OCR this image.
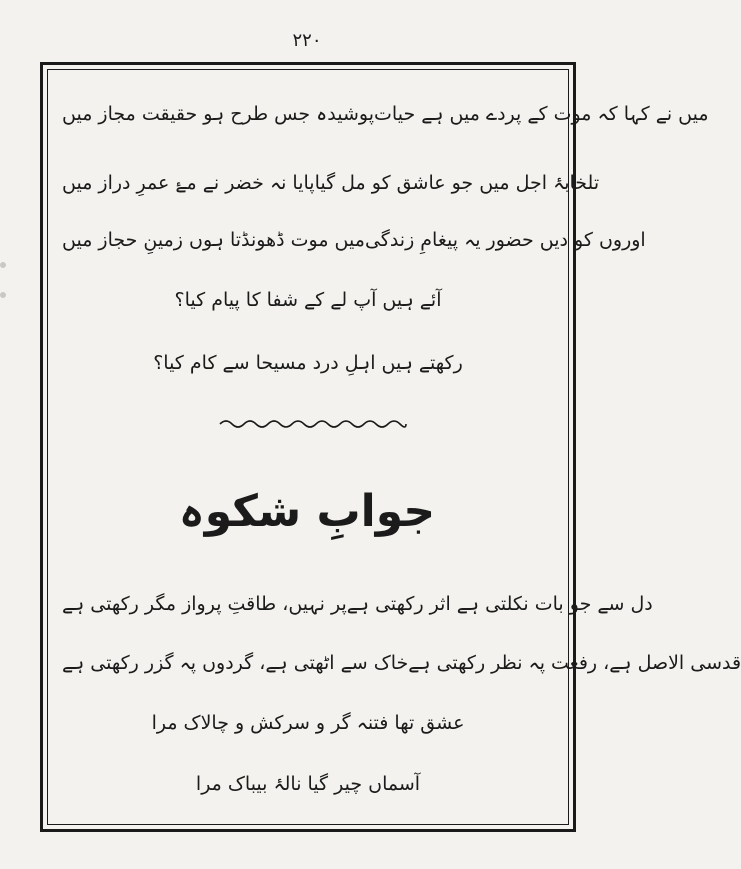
۲۲۰
پوشیدہ جس طرح ہو حقیقت مجاز میں میں نے کہا کہ موت کے پردے میں ہے حیات
پایا نہ خضر نے مۓ عمرِ دراز میں تلخابۂ اجل میں جو عاشق کو مل گیا
میں موت ڈھونڈتا ہوں زمینِ حجاز میں اوروں کو دیں حضور یہ پیغامِ زندگی
آئے ہیں آپ لے کے شفا کا پیام کیا؟
رکھتے ہیں اہلِ درد مسیحا سے کام کیا؟
جوابِ شکوہ
پر نہیں، طاقتِ پرواز مگر رکھتی ہے دل سے جو بات نکلتی ہے اثر رکھتی ہے
خاک سے اٹھتی ہے، گردوں پہ گزر رکھتی ہے قدسی الاصل ہے، رفعت پہ نظر رکھتی ہے
عشق تھا فتنہ گر و سرکش و چالاک مرا
آسماں چیر گیا نالۂ بیباک مرا
